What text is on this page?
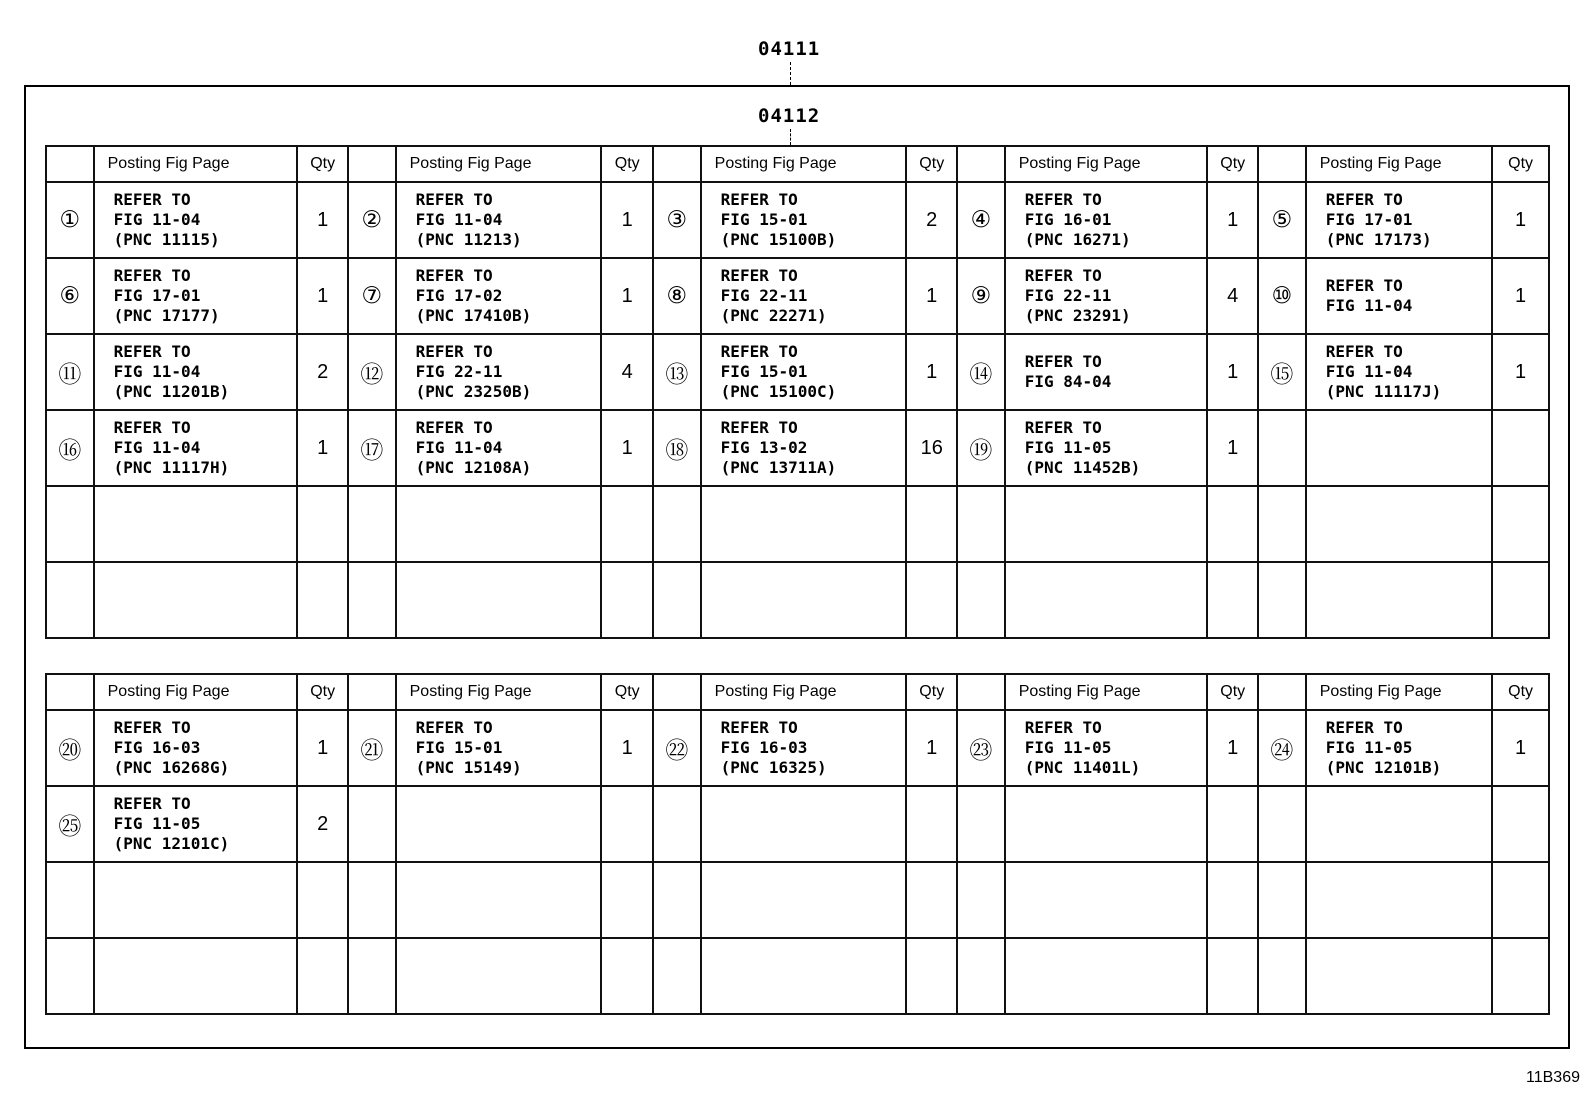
04111
04112
	Posting Fig Page	Qty		Posting Fig Page	Qty		Posting Fig Page	Qty		Posting Fig Page	Qty		Posting Fig Page	Qty
①	REFER TO
FIG 11-04
(PNC 11115)	1	②	REFER TO
FIG 11-04
(PNC 11213)	1	③	REFER TO
FIG 15-01
(PNC 15100B)	2	④	REFER TO
FIG 16-01
(PNC 16271)	1	⑤	REFER TO
FIG 17-01
(PNC 17173)	1
⑥	REFER TO
FIG 17-01
(PNC 17177)	1	⑦	REFER TO
FIG 17-02
(PNC 17410B)	1	⑧	REFER TO
FIG 22-11
(PNC 22271)	1	⑨	REFER TO
FIG 22-11
(PNC 23291)	4	⑩	REFER TO
FIG 11-04	1
⑪	REFER TO
FIG 11-04
(PNC 11201B)	2	⑫	REFER TO
FIG 22-11
(PNC 23250B)	4	⑬	REFER TO
FIG 15-01
(PNC 15100C)	1	⑭	REFER TO
FIG 84-04	1	⑮	REFER TO
FIG 11-04
(PNC 11117J)	1
⑯	REFER TO
FIG 11-04
(PNC 11117H)	1	⑰	REFER TO
FIG 11-04
(PNC 12108A)	1	⑱	REFER TO
FIG 13-02
(PNC 13711A)	16	⑲	REFER TO
FIG 11-05
(PNC 11452B)	1		

	Posting Fig Page	Qty		Posting Fig Page	Qty		Posting Fig Page	Qty		Posting Fig Page	Qty		Posting Fig Page	Qty
⑳	REFER TO
FIG 16-03
(PNC 16268G)	1	㉑	REFER TO
FIG 15-01
(PNC 15149)	1	㉒	REFER TO
FIG 16-03
(PNC 16325)	1	㉓	REFER TO
FIG 11-05
(PNC 11401L)	1	㉔	REFER TO
FIG 11-05
(PNC 12101B)	1
㉕	REFER TO
FIG 11-05
(PNC 12101C)	2		

11B369
